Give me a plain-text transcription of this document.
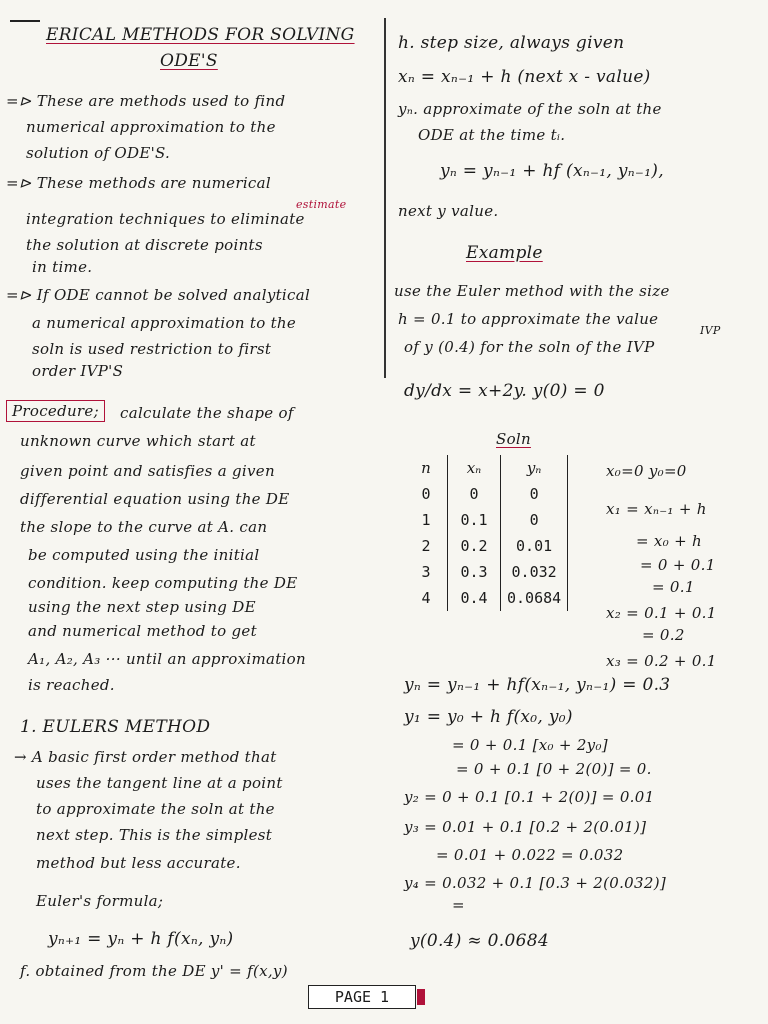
ERICAL METHODS FOR SOLVING
ODE'S
=⊳ These are methods used to find
numerical approximation to the
solution of ODE'S.
=⊳ These methods are numerical
estimate
integration techniques to eliminate
the solution at discrete points
in time.
=⊳ If ODE cannot be solved analytical
a numerical approximation to the
soln is used restriction to first
order IVP'S
Procedure;	calculate the shape of
unknown curve which start at
given point and satisfies a given
differential equation using the DE
the slope to the curve at A. can
be computed using the initial
condition. keep computing the DE
using the next step using DE
and numerical method to get
A₁, A₂, A₃ ··· until an approximation
is reached.
1. EULERS METHOD
→ A basic first order method that
uses the tangent line at a point
to approximate the soln at the
next step. This is the simplest
method but less accurate.
Euler's formula;
yₙ₊₁ = yₙ + h f(xₙ, yₙ)
f. obtained from the DE y' = f(x,y)
h. step size, always given
xₙ = xₙ₋₁ + h (next x - value)
yₙ. approximate of the soln at the
ODE at the time tᵢ.
yₙ = yₙ₋₁ + hf (xₙ₋₁, yₙ₋₁),
next y value.
Example
use the Euler method with the size
h = 0.1 to approximate the value
IVP
of y (0.4) for the soln of the IVP
dy/dx = x+2y. y(0) = 0
Soln
n	xₙ	yₙ
0	0	0
1	0.1	0
2	0.2	0.01
3	0.3	0.032
4	0.4	0.0684
x₀=0 y₀=0
x₁ = xₙ₋₁ + h
= x₀ + h
= 0 + 0.1
= 0.1
x₂ = 0.1 + 0.1
= 0.2
x₃ = 0.2 + 0.1
yₙ = yₙ₋₁ + hf(xₙ₋₁, yₙ₋₁) = 0.3
y₁ = y₀ + h f(x₀, y₀)
= 0 + 0.1 [x₀ + 2y₀]
= 0 + 0.1 [0 + 2(0)] = 0.
y₂ = 0 + 0.1 [0.1 + 2(0)] = 0.01
y₃ = 0.01 + 0.1 [0.2 + 2(0.01)]
= 0.01 + 0.022 = 0.032
y₄ = 0.032 + 0.1 [0.3 + 2(0.032)]
=
y(0.4) ≈ 0.0684
PAGE 1
